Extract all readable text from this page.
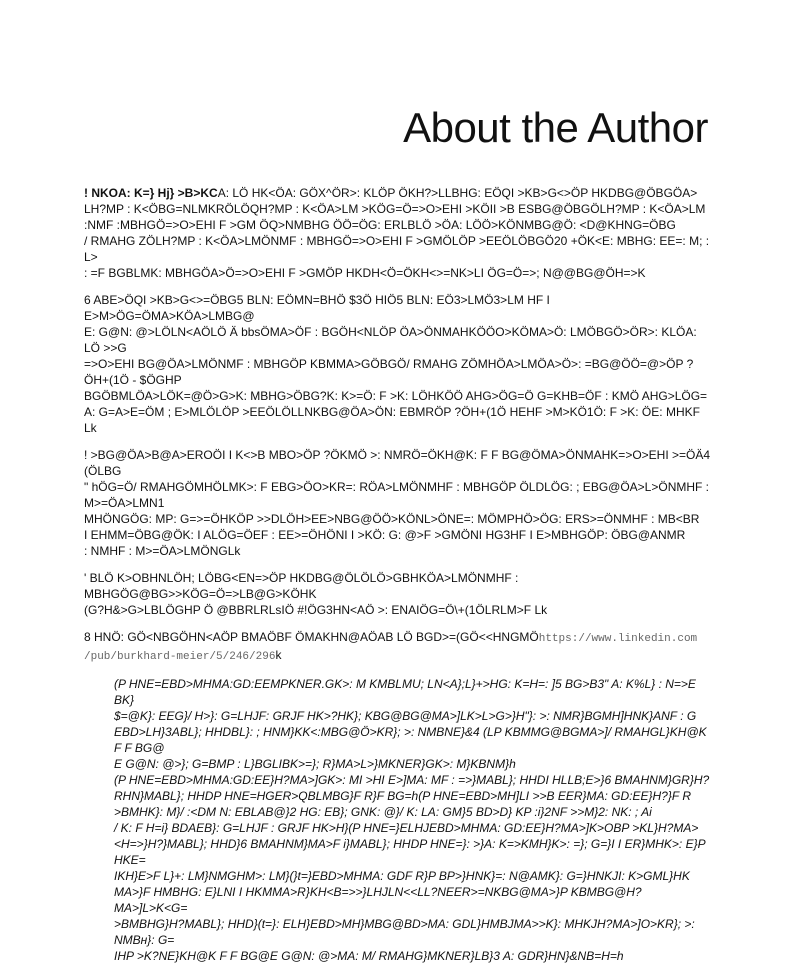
About the Author

! NKOA: K=} Hj} >B>KCA: LÖ HK<ÖA: GÖX^ÖR>: KLÖP ÖKH?>LLBHG: EÖQI >KB>G<>ÖP HKDBG@ÖBGÖA>
LH?MP : K<ÖBG=NLMKRÖLÖQH?MP : K<ÖA>LM >KÖG=Ö=>O>EHI >KÖII >B ESBG@ÖBGÖLH?MP : K<ÖA>LM
:NMF :MBHGÖ=>O>EHI F >GM ÖQ>NMBHG ÖÖ=ÖG: ERLBLÖ >ÖA: LÖÖ>KÖNMBG@Ö: <D@KHNG=ÖBG
/ RMAHG ZÖLH?MP : K<ÖA>LMÖNMF : MBHGÖ=>O>EHI F >GMÖLÖP >EEÖLÖBGÖ20 +ÖK<E: MBHG: EE=: M; : L>
: =F BGBLMK: MBHGÖA>Ö=>O>EHI F >GMÖP HKDH<Ö=ÖKH<>=NK>LI ÖG=Ö=>; N@@BG@ÖH=>K

6 ABE>ÖQI >KB>G<>=ÖBG5 BLN: EÖMN=BHÖ $3Ö HIÖ5 BLN: EÖ3>LMÖ3>LM HF I E>M>ÖG=ÖMA>KÖA>LMBG@
E: G@N: @>LÖLN<AÖLÖ Ä bbsÖMA>ÖF : BGÖH<NLÖP ÖA>ÖNMAHKÖÖO>KÖMA>Ö: LMÖBGÖ>ÖR>: KLÖA: LÖ >>G
=>O>EHI BG@ÖA>LMÖNMF : MBHGÖP KBMMA>GÖBGÖ/ RMAHG ZÖMHÖA>LMÖA>Ö>: =BG@ÖÖ=@>ÖP ?ÖH+(1Ö - $ÖGHP
BGÖBMLÖA>LÖK=@Ö>G>K: MBHG>ÖBG?K: K>=Ö: F >K: LÖHKÖÖ AHG>ÖG=Ö G=KHB=ÖF : KMÖ AHG>LÖG=
A: G=A>E=ÖM ; E>MLÖLÖP >EEÖLÖLLNKBG@ÖA>ÖN: EBMRÖP ?ÖH+(1Ö HEHF >M>KÖ1Ö: F >K: ÖE: MHKF Lk

! >BG@ÖA>B@A>EROÖI I K<>B MBO>ÖP ?ÖKMÖ >: NMRÖ=ÖKH@K: F F BG@ÖMA>ÖNMAHK=>O>EHI >=ÖÄ4 (ÖLBG
" hÖG=Ö/ RMAHGÖMHÖLMK>: F EBG>ÖO>KR=: RÖA>LMÖNMHF : MBHGÖP ÖLDLÖG: ; EBG@ÖA>L>ÖNMHF : M>=ÖA>LMN1
MHÖNGÖG: MP: G=>=ÖHKÖP >>DLÖH>EE>NBG@ÖÖ>KÖNL>ÖNE=: MÖMPHÖ>ÖG: ERS>=ÖNMHF : MB<BR
I EHMM=ÖBG@ÖK: I ALÖG=ÖEF : EE>=ÖHÖNI I >KÖ: G: @>F >GMÖNI HG3HF I E>MBHGÖP: ÖBG@ANMR
: NMHF : M>=ÖA>LMÖNGLk

' BLÖ K>OBHNLÖH; LÖBG<EN=>ÖP HKDBG@ÖLÖLÖ>GBHKÖA>LMÖNMHF : MBHGÖG@BG>>KÖG=Ö=>LB@G>KÖHK
(G?H&>G>LBLÖGHP Ö @BBRLRLsIÖ #!ÖG3HN<AÖ >: ENAIÖG=Ö\+(1ÖLRLM>F Lk

8 HNÖ: GÖ<NBGÖHN<AÖP BMAÖBF ÖMAKHN@AÖAB LÖ BGD>=(GÖ<<HNGMÖhttps://www.linkedin.com
/pub/burkhard-meier/5/246/296k

(P HNE=EBD>MHMA:GD:EEMPKNER.GK>: M KMBLMU; LN<A};L}+>HG: K=H=: ]5 BG>B3" A: K%L} : N=>E BK}
$=@K}: EEG}/ H>}: G=LHJF: GRJF HK>?HK}; KBG@BG@MA>]LK>L>G>}H"}: >: NMR}BGMH]HNK}ANF : G
EBD>LH}3ABL}; HHDBL}: ; HNM}KK<:MBG@Ö>KR}; >: NMBNE}&4 (LP KBMMG@BGMA>]/ RMAHGL}KH@K F F BG@
E G@N: @>}; G=BMP : L}BGLIBK>=}; R}MA>L>}MKNER}GK>: M}KBNM}h
(P HNE=EBD>MHMA:GD:EE}H?MA>]GK>: MI >HI E>]MA: MF : =>}MABL}; HHDI HLLB;E>}6 BMAHNM}GR}H?
RHN}MABL}; HHDP HNE=HGER>QBLMBG}F R}F BG=h(P HNE=EBD>MH]LI >>B EER}MA: GD:EE}H?}F R
>BMHK}: M}/ :<DM N: EBLAB@}2 HG: EB}; GNK: @}/ K: LA: GM}5 BD>D} KP :i}2NF >>M}2: NK: ; Ai
/ K: F H=i} BDAEB}: G=LHJF : GRJF HK>H}(P HNE=}ELHJEBD>MHMA: GD:EE}H?MA>]K>OBP >KL}H?MA>
<H=>}H?}MABL}; HHD}6 BMAHNM}MA>F i}MABL}; HHDP HNE=}: >}A: K=>KMH}K>: =}; G=}I I ER}MHK>: E}P HKE=
IKH}E>F L}+: LM}NMGHM>: LM}(}t=}EBD>MHMA: GDF R}P BP>}HNK}=: N@AMK}: G=}HNKJI: K>GML}HK
MA>}F HMBHG: E}LNI I HKMMA>R}KH<B=>>}LHJLN<<LL?NEER>=NKBG@MA>}P KBMBG@H?MA>]L>K<G=
>BMBHG}H?MABL}; HHD}(t=}: ELH}EBD>MH}MBG@BD>MA: GDL}HMBJMA>>K}: MHKJH?MA>]O>KR}; >: NMBн}: G=
IHP >K?NE}KH@K F F BG@E G@N: @>MA: M/ RMAHG}MKNER}LB}3 A: GDR}HN}&NB=H=h
